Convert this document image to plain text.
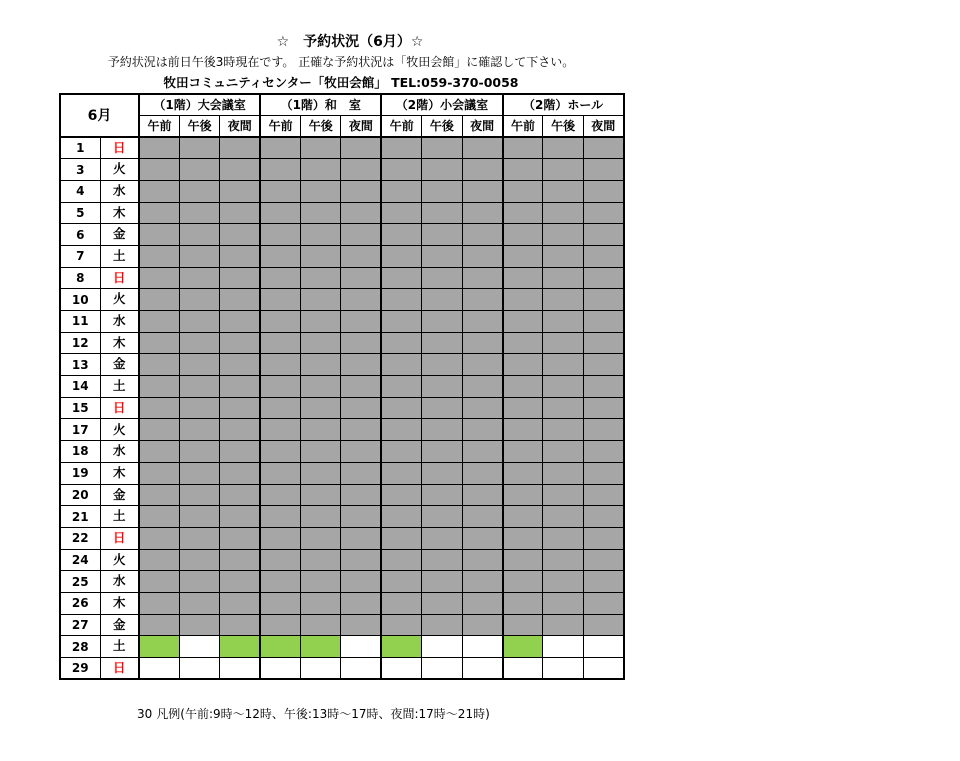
☆　予約状況（6月）☆
予約状況は前日午後3時現在です。 正確な予約状況は「牧田会館」に確認して下さい。
牧田コミュニティセンター「牧田会館」 TEL:059-370-0058
6月		（1階）大会議室			（1階）和　室			（2階）小会議室			（2階）ホール		
		午前	午後	夜間	午前	午後	夜間	午前	午後	夜間	午前	午後	夜間
1	日												
3	火												
4	水												
5	木												
6	金												
7	土												
8	日												
10	火												
11	水												
12	木												
13	金												
14	土												
15	日												
17	火												
18	水												
19	木												
20	金												
21	土												
22	日												
24	火												
25	水												
26	木												
27	金												
28	土												
29	日												
30 凡例(午前:9時～12時、午後:13時～17時、夜間:17時～21時)
